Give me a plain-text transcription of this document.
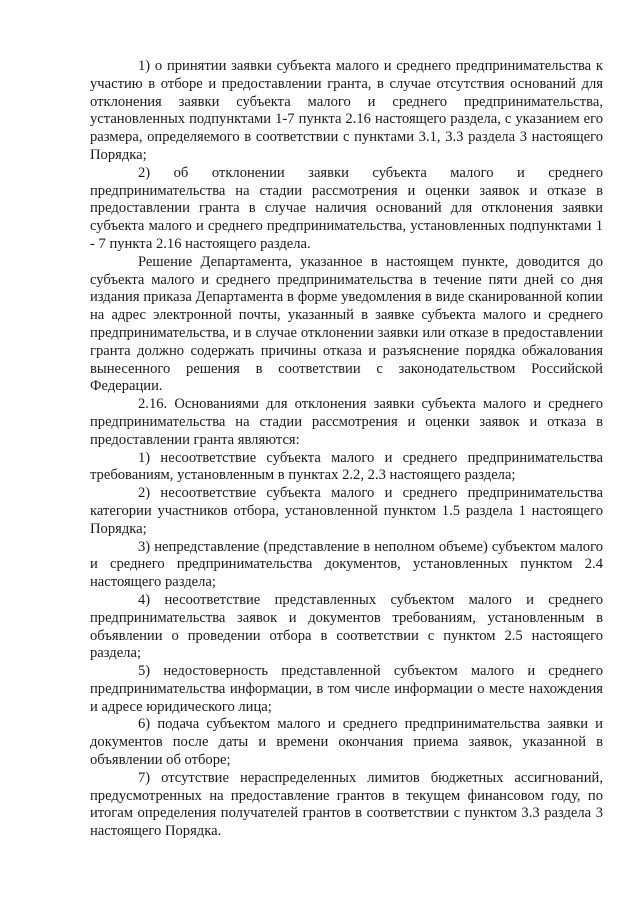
1) о принятии заявки субъекта малого и среднего предпринимательства к участию в отборе и предоставлении гранта, в случае отсутствия оснований для отклонения заявки субъекта малого и среднего предпринимательства, установленных подпунктами 1-7 пункта 2.16 настоящего раздела, с указанием его размера, определяемого в соответствии с пунктами 3.1, 3.3 раздела 3 настоящего Порядка;

2) об отклонении заявки субъекта малого и среднего предпринимательства на стадии рассмотрения и оценки заявок и отказе в предоставлении гранта в случае наличия оснований для отклонения заявки субъекта малого и среднего предпринимательства, установленных подпунктами 1 - 7 пункта 2.16 настоящего раздела.

Решение Департамента, указанное в настоящем пункте, доводится до субъекта малого и среднего предпринимательства в течение пяти дней со дня издания приказа Департамента в форме уведомления в виде сканированной копии на адрес электронной почты, указанный в заявке субъекта малого и среднего предпринимательства, и в случае отклонении заявки или отказе в предоставлении гранта должно содержать причины отказа и разъяснение порядка обжалования вынесенного решения в соответствии с законодательством Российской Федерации.

2.16. Основаниями для отклонения заявки субъекта малого и среднего предпринимательства на стадии рассмотрения и оценки заявок и отказа в предоставлении гранта являются:

1) несоответствие субъекта малого и среднего предпринимательства требованиям, установленным в пунктах 2.2, 2.3 настоящего раздела;

2) несоответствие субъекта малого и среднего предпринимательства категории участников отбора, установленной пунктом 1.5 раздела 1 настоящего Порядка;

3) непредставление (представление в неполном объеме) субъектом малого и среднего предпринимательства документов, установленных пунктом 2.4 настоящего раздела;

4) несоответствие представленных субъектом малого и среднего предпринимательства заявок и документов требованиям, установленным в объявлении о проведении отбора в соответствии с пунктом 2.5 настоящего раздела;

5) недостоверность представленной субъектом малого и среднего предпринимательства информации, в том числе информации о месте нахождения и адресе юридического лица;

6) подача субъектом малого и среднего предпринимательства заявки и документов после даты и времени окончания приема заявок, указанной в объявлении об отборе;

7) отсутствие нераспределенных лимитов бюджетных ассигнований, предусмотренных на предоставление грантов в текущем финансовом году, по итогам определения получателей грантов в соответствии с пунктом 3.3 раздела 3 настоящего Порядка.
